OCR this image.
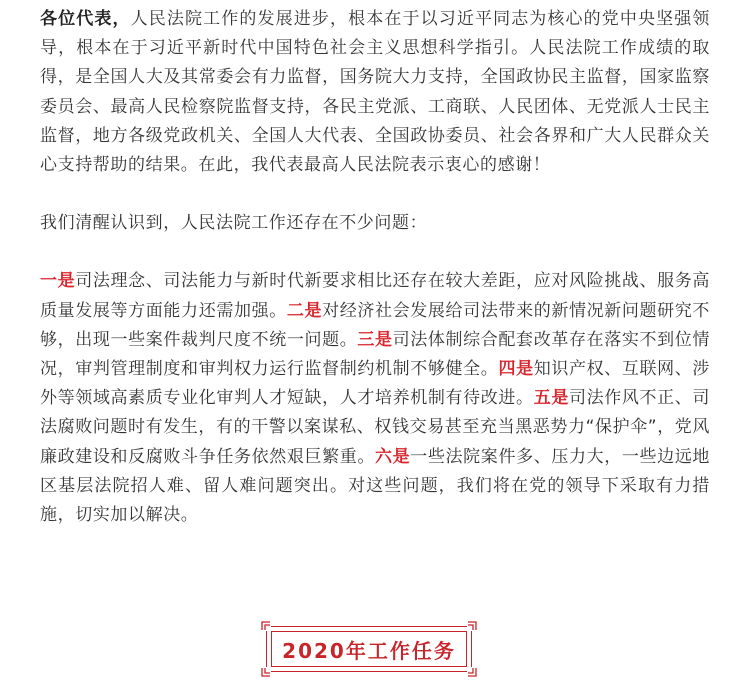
各位代表，人民法院工作的发展进步，根本在于以习近平同志为核心的党中央坚强领导，根本在于习近平新时代中国特色社会主义思想科学指引。人民法院工作成绩的取得，是全国人大及其常委会有力监督，国务院大力支持，全国政协民主监督，国家监察委员会、最高人民检察院监督支持，各民主党派、工商联、人民团体、无党派人士民主监督，地方各级党政机关、全国人大代表、全国政协委员、社会各界和广大人民群众关心支持帮助的结果。在此，我代表最高人民法院表示衷心的感谢！

我们清醒认识到，人民法院工作还存在不少问题：

一是司法理念、司法能力与新时代新要求相比还存在较大差距，应对风险挑战、服务高质量发展等方面能力还需加强。二是对经济社会发展给司法带来的新情况新问题研究不够，出现一些案件裁判尺度不统一问题。三是司法体制综合配套改革存在落实不到位情况，审判管理制度和审判权力运行监督制约机制不够健全。四是知识产权、互联网、涉外等领域高素质专业化审判人才短缺，人才培养机制有待改进。五是司法作风不正、司法腐败问题时有发生，有的干警以案谋私、权钱交易甚至充当黑恶势力“保护伞”，党风廉政建设和反腐败斗争任务依然艰巨繁重。六是一些法院案件多、压力大，一些边远地区基层法院招人难、留人难问题突出。对这些问题，我们将在党的领导下采取有力措施，切实加以解决。

2020年工作任务
